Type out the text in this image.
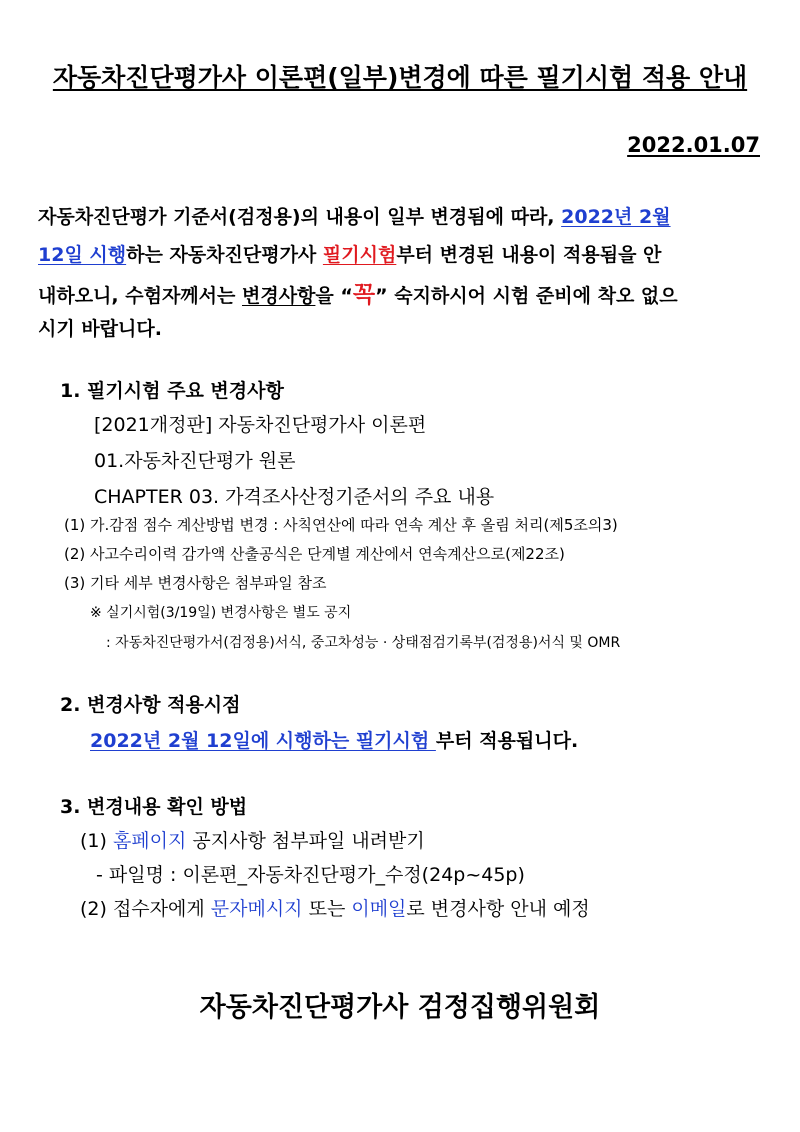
자동차진단평가사 이론편(일부)변경에 따른 필기시험 적용 안내
2022.01.07
자동차진단평가 기준서(검정용)의 내용이 일부 변경됨에 따라, 2022년 2월
12일 시행하는 자동차진단평가사 필기시험부터 변경된 내용이 적용됨을 안
내하오니, 수험자께서는 변경사항을 “꼭” 숙지하시어 시험 준비에 착오 없으
시기 바랍니다.
1. 필기시험 주요 변경사항
[2021개정판] 자동차진단평가사 이론편
01.자동차진단평가 원론
CHAPTER 03. 가격조사산정기준서의 주요 내용
(1) 가.감점 점수 계산방법 변경 : 사칙연산에 따라 연속 계산 후 올림 처리(제5조의3)
(2) 사고수리이력 감가액 산출공식은 단계별 계산에서 연속계산으로(제22조)
(3) 기타 세부 변경사항은 첨부파일 참조
※ 실기시험(3/19일) 변경사항은 별도 공지
: 자동차진단평가서(검정용)서식, 중고차성능 · 상태점검기록부(검정용)서식 및 OMR
2. 변경사항 적용시점
2022년 2월 12일에 시행하는 필기시험 부터 적용됩니다.
3. 변경내용 확인 방법
(1) 홈페이지 공지사항 첨부파일 내려받기
- 파일명 : 이론편_자동차진단평가_수정(24p~45p)
(2) 접수자에게 문자메시지 또는 이메일로 변경사항 안내 예정
자동차진단평가사 검정집행위원회
